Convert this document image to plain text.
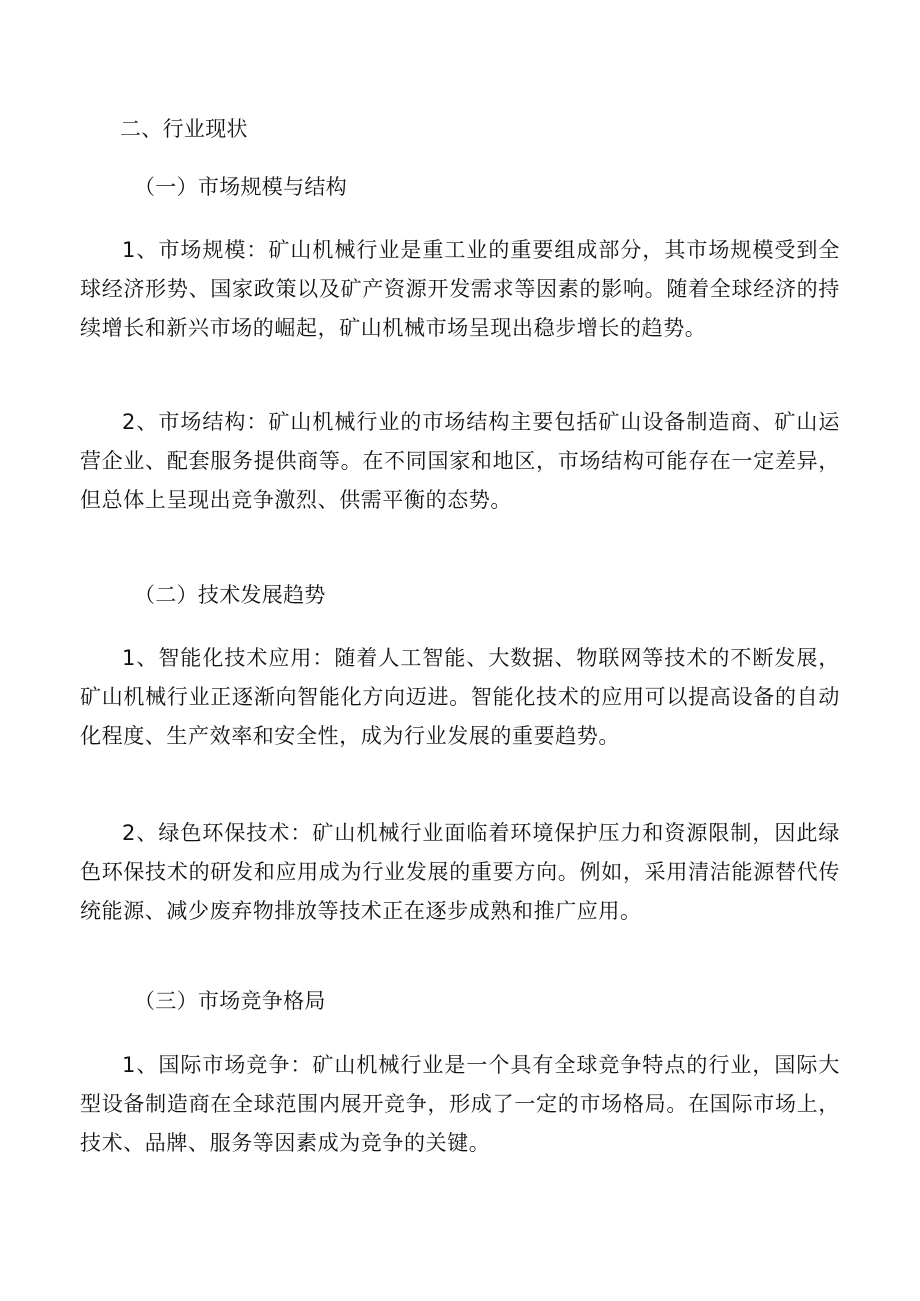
二、行业现状
（一）市场规模与结构
1、市场规模：矿山机械行业是重工业的重要组成部分，其市场规模受到全球经济形势、国家政策以及矿产资源开发需求等因素的影响。随着全球经济的持续增长和新兴市场的崛起，矿山机械市场呈现出稳步增长的趋势。
2、市场结构：矿山机械行业的市场结构主要包括矿山设备制造商、矿山运营企业、配套服务提供商等。在不同国家和地区，市场结构可能存在一定差异，但总体上呈现出竞争激烈、供需平衡的态势。
（二）技术发展趋势
1、智能化技术应用：随着人工智能、大数据、物联网等技术的不断发展，矿山机械行业正逐渐向智能化方向迈进。智能化技术的应用可以提高设备的自动化程度、生产效率和安全性，成为行业发展的重要趋势。
2、绿色环保技术：矿山机械行业面临着环境保护压力和资源限制，因此绿色环保技术的研发和应用成为行业发展的重要方向。例如，采用清洁能源替代传统能源、减少废弃物排放等技术正在逐步成熟和推广应用。
（三）市场竞争格局
1、国际市场竞争：矿山机械行业是一个具有全球竞争特点的行业，国际大型设备制造商在全球范围内展开竞争，形成了一定的市场格局。在国际市场上，技术、品牌、服务等因素成为竞争的关键。
